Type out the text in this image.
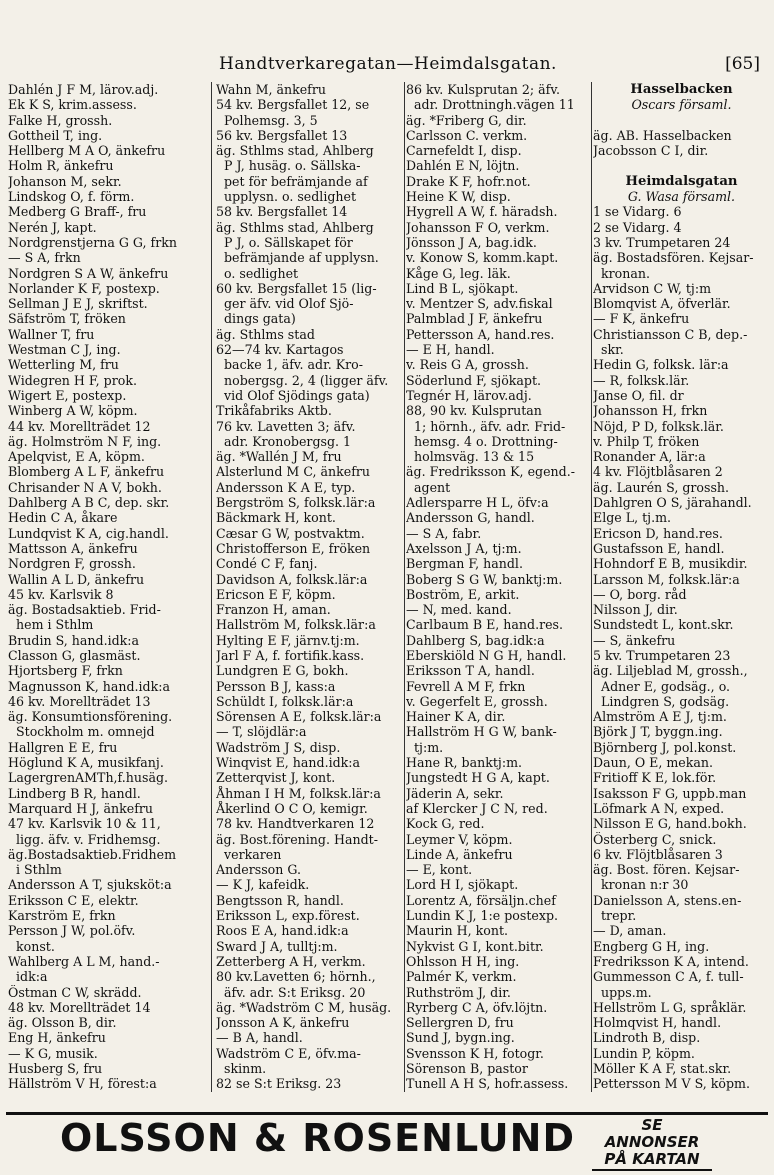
Handtverkaregatan—Heimdalsgatan.	[65]
Dahlén J F M, lärov.adj.
Ek K S, krim.assess.
Falke H, grossh.
Gottheil T, ing.
Hellberg M A O, änkefru
Holm R, änkefru
Johanson M, sekr.
Lindskog O, f. förm.
Medberg G Braff-, fru
Nerén J, kapt.
Nordgrenstjerna G G, frkn
— S A, frkn
Nordgren S A W, änkefru
Norlander K F, postexp.
Sellman J E J, skriftst.
Säfström T, fröken
Wallner T, fru
Westman C J, ing.
Wetterling M, fru
Widegren H F, prok.
Wigert E, postexp.
Winberg A W, köpm.
44 kv. Morellträdet 12
äg. Holmström N F, ing.
Apelqvist, E A, köpm.
Blomberg A L F, änkefru
Chrisander N A V, bokh.
Dahlberg A B C, dep. skr.
Hedin C A, åkare
Lundqvist K A, cig.handl.
Mattsson A, änkefru
Nordgren F, grossh.
Wallin A L D, änkefru
45 kv. Karlsvik 8
äg. Bostadsaktieb. Frid-
hem i Sthlm
Brudin S, hand.idk:a
Classon G, glasmäst.
Hjortsberg F, frkn
Magnusson K, hand.idk:a
46 kv. Morellträdet 13
äg. Konsumtionsförening.
Stockholm m. omnejd
Hallgren E E, fru
Höglund K A, musikfanj.
LagergrenAMTh,f.husäg.
Lindberg B R, handl.
Marquard H J, änkefru
47 kv. Karlsvik 10 & 11,
ligg. äfv. v. Fridhemsg.
äg.Bostadsaktieb.Fridhem
i Sthlm
Andersson A T, sjuksköt:a
Eriksson C E, elektr.
Karström E, frkn
Persson J W, pol.öfv.
konst.
Wahlberg A L M, hand.-
idk:a
Östman C W, skrädd.
48 kv. Morellträdet 14
äg. Olsson B, dir.
Eng H, änkefru
— K G, musik.
Husberg S, fru
Hällström V H, förest:a
Wahn M, änkefru
54 kv. Bergsfallet 12, se
Polhemsg. 3, 5
56 kv. Bergsfallet 13
äg. Sthlms stad, Ahlberg
P J, husäg. o. Sällska-
pet för befrämjande af
upplysn. o. sedlighet
58 kv. Bergsfallet 14
äg. Sthlms stad, Ahlberg
P J, o. Sällskapet för
befrämjande af upplysn.
o. sedlighet
60 kv. Bergsfallet 15 (lig-
ger äfv. vid Olof Sjö-
dings gata)
äg. Sthlms stad
62—74 kv. Kartagos
backe 1, äfv. adr. Kro-
nobergsg. 2, 4 (ligger äfv.
vid Olof Sjödings gata)
Trikåfabriks Aktb.
76 kv. Lavetten 3; äfv.
adr. Kronobergsg. 1
äg. *Wallén J M, fru
Alsterlund M C, änkefru
Andersson K A E, typ.
Bergström S, folksk.lär:a
Bäckmark H, kont.
Cæsar G W, postvaktm.
Christofferson E, fröken
Condé C F, fanj.
Davidson A, folksk.lär:a
Ericson E F, köpm.
Franzon H, aman.
Hallström M, folksk.lär:a
Hylting E F, järnv.tj:m.
Jarl F A, f. fortifik.kass.
Lundgren E G, bokh.
Persson B J, kass:a
Schüldt I, folksk.lär:a
Sörensen A E, folksk.lär:a
— T, slöjdlär:a
Wadström J S, disp.
Winqvist E, hand.idk:a
Zetterqvist J, kont.
Åhman I H M, folksk.lär:a
Åkerlind O C O, kemigr.
78 kv. Handtverkaren 12
äg. Bost.förening. Handt-
verkaren
Andersson G.
— K J, kafeidk.
Bengtsson R, handl.
Eriksson L, exp.förest.
Roos E A, hand.idk:a
Sward J A, tulltj:m.
Zetterberg A H, verkm.
80 kv.Lavetten 6; hörnh.,
äfv. adr. S:t Eriksg. 20
äg. *Wadström C M, husäg.
Jonsson A K, änkefru
— B A, handl.
Wadström C E, öfv.ma-
skinm.
82 se S:t Eriksg. 23
86 kv. Kulsprutan 2; äfv.
adr. Drottningh.vägen 11
äg. *Friberg G, dir.
Carlsson C. verkm.
Carnefeldt I, disp.
Dahlén E N, löjtn.
Drake K F, hofr.not.
Heine K W, disp.
Hygrell A W, f. häradsh.
Johansson F O, verkm.
Jönsson J A, bag.idk.
v. Konow S, komm.kapt.
Kåge G, leg. läk.
Lind B L, sjökapt.
v. Mentzer S, adv.fiskal
Palmblad J F, änkefru
Pettersson A, hand.res.
— E H, handl.
v. Reis G A, grossh.
Söderlund F, sjökapt.
Tegnér H, lärov.adj.
88, 90 kv. Kulsprutan
1; hörnh., äfv. adr. Frid-
hemsg. 4 o. Drottning-
holmsväg. 13 & 15
äg. Fredriksson K, egend.-
agent
Adlersparre H L, öfv:a
Andersson G, handl.
— S A, fabr.
Axelsson J A, tj:m.
Bergman F, handl.
Boberg S G W, banktj:m.
Boström, E, arkit.
— N, med. kand.
Carlbaum B E, hand.res.
Dahlberg S, bag.idk:a
Eberskiöld N G H, handl.
Eriksson T A, handl.
Fevrell A M F, frkn
v. Gegerfelt E, grossh.
Hainer K A, dir.
Hallström H G W, bank-
tj:m.
Hane R, banktj:m.
Jungstedt H G A, kapt.
Jäderin A, sekr.
af Klercker J C N, red.
Kock G, red.
Leymer V, köpm.
Linde A, änkefru
— E, kont.
Lord H I, sjökapt.
Lorentz A, försäljn.chef
Lundin K J, 1:e postexp.
Maurin H, kont.
Nykvist G I, kont.bitr.
Ohlsson H H, ing.
Palmér K, verkm.
Ruthström J, dir.
Ryrberg C A, öfv.löjtn.
Sellergren D, fru
Sund J, bygn.ing.
Svensson K H, fotogr.
Sörenson B, pastor
Tunell A H S, hofr.assess.
Hasselbacken
Oscars församl.
äg. AB. Hasselbacken
Jacobsson C I, dir.
Heimdalsgatan
G. Wasa församl.
1 se Vidarg. 6
2 se Vidarg. 4
3 kv. Trumpetaren 24
äg. Bostadsfören. Kejsar-
kronan.
Arvidson C W, tj:m
Blomqvist A, öfverlär.
— F K, änkefru
Christiansson C B, dep.-
skr.
Hedin G, folksk. lär:a
— R, folksk.lär.
Janse O, fil. dr
Johansson H, frkn
Nöjd, P D, folksk.lär.
v. Philp T, fröken
Ronander A, lär:a
4 kv. Flöjtblåsaren 2
äg. Laurén S, grossh.
Dahlgren O S, järahandl.
Elge L, tj.m.
Ericson D, hand.res.
Gustafsson E, handl.
Hohndorf E B, musikdir.
Larsson M, folksk.lär:a
— O, borg. råd
Nilsson J, dir.
Sundstedt L, kont.skr.
— S, änkefru
5 kv. Trumpetaren 23
äg. Liljeblad M, grossh.,
Adner E, godsäg., o.
Lindgren S, godsäg.
Almström A E J, tj:m.
Björk J T, byggn.ing.
Björnberg J, pol.konst.
Daun, O E, mekan.
Fritioff K E, lok.för.
Isaksson F G, uppb.man
Löfmark A N, exped.
Nilsson E G, hand.bokh.
Österberg C, snick.
6 kv. Flöjtblåsaren 3
äg. Bost. fören. Kejsar-
kronan n:r 30
Danielsson A, stens.en-
trepr.
— D, aman.
Engberg G H, ing.
Fredriksson K A, intend.
Gummesson C A, f. tull-
upps.m.
Hellström L G, språklär.
Holmqvist H, handl.
Lindroth B, disp.
Lundin P, köpm.
Möller K A F, stat.skr.
Pettersson M V S, köpm.
OLSSON & ROSENLUND	SE ANNONSER
PÅ KARTAN
